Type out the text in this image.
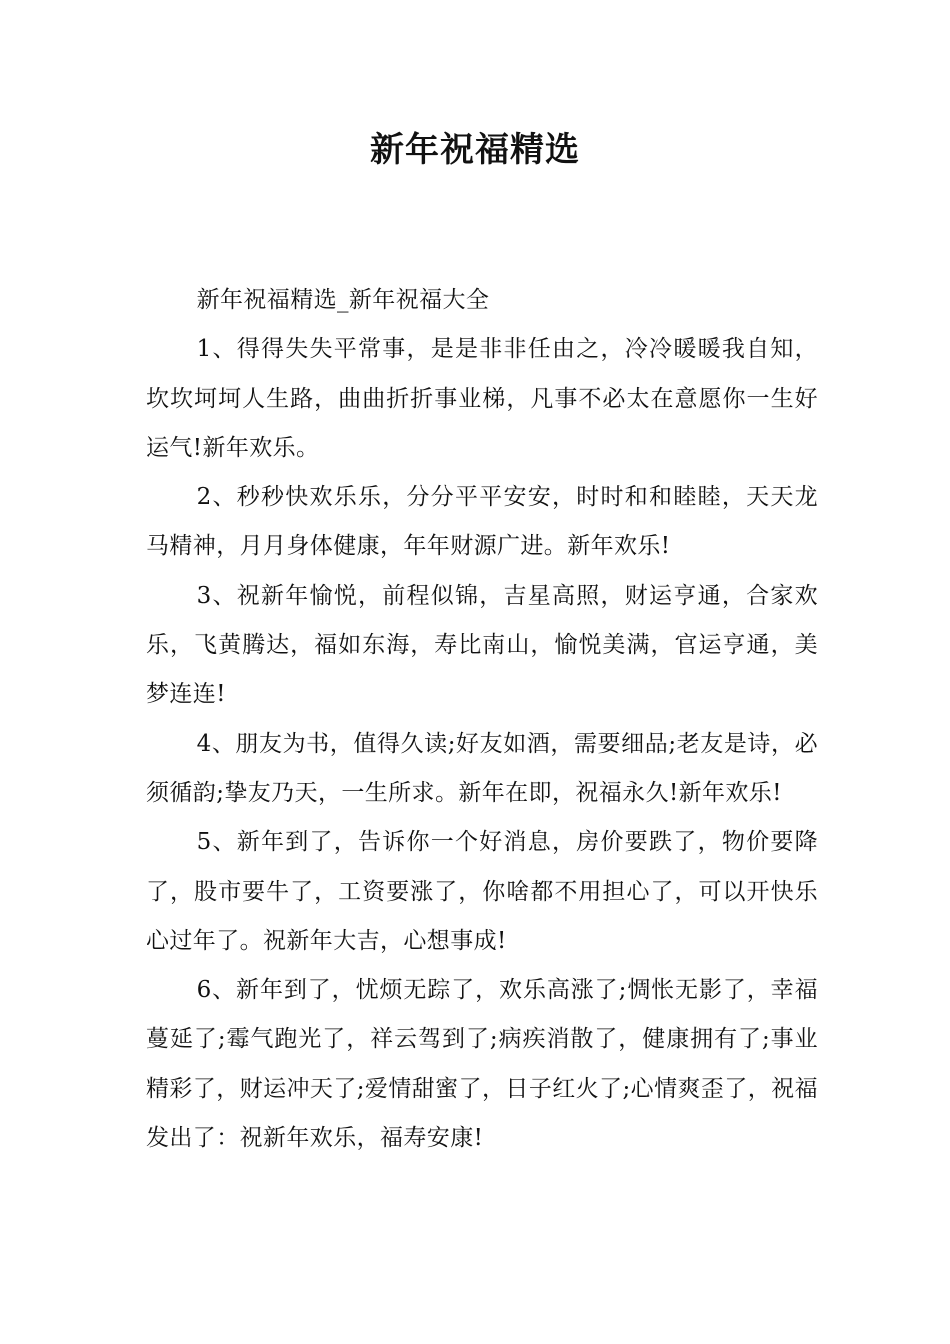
新年祝福精选

新年祝福精选_新年祝福大全

1、得得失失平常事，是是非非任由之，冷冷暖暖我自知，坎坎坷坷人生路，曲曲折折事业梯，凡事不必太在意愿你一生好运气!新年欢乐。

2、秒秒快欢乐乐，分分平平安安，时时和和睦睦，天天龙马精神，月月身体健康，年年财源广进。新年欢乐!

3、祝新年愉悦，前程似锦，吉星高照，财运亨通，合家欢乐，飞黄腾达，福如东海，寿比南山，愉悦美满，官运亨通，美梦连连!

4、朋友为书，值得久读;好友如酒，需要细品;老友是诗，必须循韵;挚友乃天，一生所求。新年在即，祝福永久!新年欢乐!

5、新年到了，告诉你一个好消息，房价要跌了，物价要降了，股市要牛了，工资要涨了，你啥都不用担心了，可以开快乐心过年了。祝新年大吉，心想事成!

6、新年到了，忧烦无踪了，欢乐高涨了;惆怅无影了，幸福蔓延了;霉气跑光了，祥云驾到了;病疾消散了，健康拥有了;事业精彩了，财运冲天了;爱情甜蜜了，日子红火了;心情爽歪了，祝福发出了：祝新年欢乐，福寿安康!
